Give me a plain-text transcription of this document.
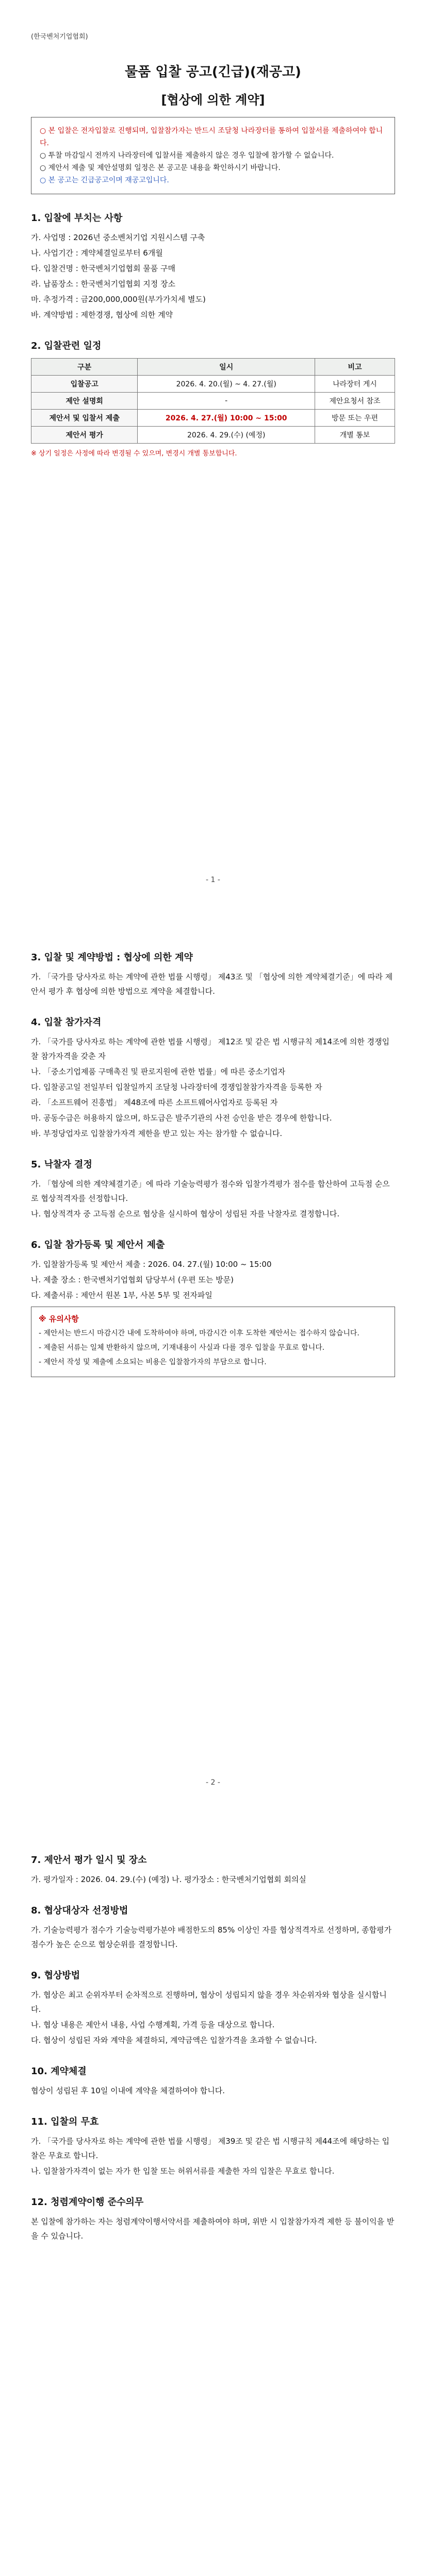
(한국벤처기업협회)
물품 입찰 공고(긴급)(재공고)
[협상에 의한 계약]

○ 본 입찰은 전자입찰로 진행되며, 입찰참가자는 반드시 조달청 나라장터를 통하여 입찰서를 제출하여야 합니다.

○ 투찰 마감일시 전까지 나라장터에 입찰서를 제출하지 않은 경우 입찰에 참가할 수 없습니다.

○ 제안서 제출 및 제안설명회 일정은 본 공고문 내용을 확인하시기 바랍니다.

○ 본 공고는 긴급공고이며 재공고입니다.

1. 입찰에 부치는 사항
가. 사업명 : 2026년 중소벤처기업 지원시스템 구축
나. 사업기간 : 계약체결일로부터 6개월
다. 입찰건명 : 한국벤처기업협회 물품 구매
라. 납품장소 : 한국벤처기업협회 지정 장소
마. 추정가격 : 금200,000,000원(부가가치세 별도)
바. 계약방법 : 제한경쟁, 협상에 의한 계약
2. 입찰관련 일정
구분	일시	비고
입찰공고	2026. 4. 20.(월) ~ 4. 27.(월)	나라장터 게시
제안 설명회	-	제안요청서 참조
제안서 및 입찰서 제출	2026. 4. 27.(월) 10:00 ~ 15:00	방문 또는 우편
제안서 평가	2026. 4. 29.(수) (예정)	개별 통보
※ 상기 일정은 사정에 따라 변경될 수 있으며, 변경시 개별 통보합니다.
- 1 -
3. 입찰 및 계약방법 : 협상에 의한 계약
가. 「국가를 당사자로 하는 계약에 관한 법률 시행령」 제43조 및 「협상에 의한 계약체결기준」에 따라 제안서 평가 후 협상에 의한 방법으로 계약을 체결합니다.
4. 입찰 참가자격
가. 「국가를 당사자로 하는 계약에 관한 법률 시행령」 제12조 및 같은 법 시행규칙 제14조에 의한 경쟁입찰 참가자격을 갖춘 자
나. 「중소기업제품 구매촉진 및 판로지원에 관한 법률」에 따른 중소기업자
다. 입찰공고일 전일부터 입찰일까지 조달청 나라장터에 경쟁입찰참가자격을 등록한 자
라. 「소프트웨어 진흥법」 제48조에 따른 소프트웨어사업자로 등록된 자
마. 공동수급은 허용하지 않으며, 하도급은 발주기관의 사전 승인을 받은 경우에 한합니다.
바. 부정당업자로 입찰참가자격 제한을 받고 있는 자는 참가할 수 없습니다.
5. 낙찰자 결정
가. 「협상에 의한 계약체결기준」에 따라 기술능력평가 점수와 입찰가격평가 점수를 합산하여 고득점 순으로 협상적격자를 선정합니다.
나. 협상적격자 중 고득점 순으로 협상을 실시하여 협상이 성립된 자를 낙찰자로 결정합니다.
6. 입찰 참가등록 및 제안서 제출
가. 입찰참가등록 및 제안서 제출 : 2026. 04. 27.(월) 10:00 ~ 15:00
나. 제출 장소 : 한국벤처기업협회 담당부서 (우편 또는 방문)
다. 제출서류 : 제안서 원본 1부, 사본 5부 및 전자파일
※ 유의사항
- 제안서는 반드시 마감시간 내에 도착하여야 하며, 마감시간 이후 도착한 제안서는 접수하지 않습니다.
- 제출된 서류는 일체 반환하지 않으며, 기재내용이 사실과 다를 경우 입찰을 무효로 합니다.
- 제안서 작성 및 제출에 소요되는 비용은 입찰참가자의 부담으로 합니다.
- 2 -
7. 제안서 평가 일시 및 장소
가. 평가일자 : 2026. 04. 29.(수) (예정) 나. 평가장소 : 한국벤처기업협회 회의실
8. 협상대상자 선정방법
가. 기술능력평가 점수가 기술능력평가분야 배점한도의 85% 이상인 자를 협상적격자로 선정하며, 종합평가점수가 높은 순으로 협상순위를 결정합니다.
9. 협상방법
가. 협상은 최고 순위자부터 순차적으로 진행하며, 협상이 성립되지 않을 경우 차순위자와 협상을 실시합니다.
나. 협상 내용은 제안서 내용, 사업 수행계획, 가격 등을 대상으로 합니다.
다. 협상이 성립된 자와 계약을 체결하되, 계약금액은 입찰가격을 초과할 수 없습니다.
10. 계약체결
협상이 성립된 후 10일 이내에 계약을 체결하여야 합니다.
11. 입찰의 무효
가. 「국가를 당사자로 하는 계약에 관한 법률 시행령」 제39조 및 같은 법 시행규칙 제44조에 해당하는 입찰은 무효로 합니다.
나. 입찰참가자격이 없는 자가 한 입찰 또는 허위서류를 제출한 자의 입찰은 무효로 합니다.
12. 청렴계약이행 준수의무
본 입찰에 참가하는 자는 청렴계약이행서약서를 제출하여야 하며, 위반 시 입찰참가자격 제한 등 불이익을 받을 수 있습니다.
